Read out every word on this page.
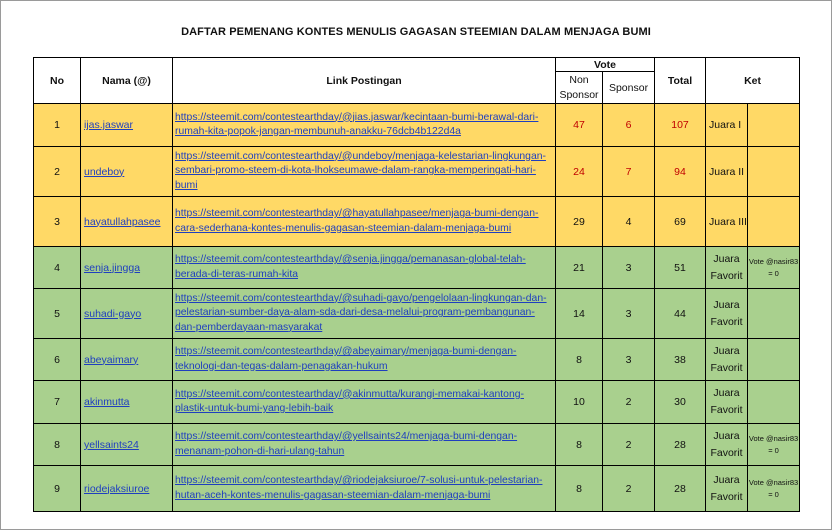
DAFTAR PEMENANG KONTES MENULIS GAGASAN STEEMIAN DALAM MENJAGA BUMI
No	Nama (@)	Link Postingan	Vote		Total	Ket	
			Non Sponsor	Sponsor			
1	ijas.jaswar	https://steemit.com/contestearthday/@jias.jaswar/kecintaan-bumi-berawal-dari-rumah-kita-popok-jangan-membunuh-anakku-76dcb4b122d4a	47	6	107	Juara I	
2	undeboy	https://steemit.com/contestearthday/@undeboy/menjaga-kelestarian-lingkungan-sembari-promo-steem-di-kota-lhokseumawe-dalam-rangka-memperingati-hari-bumi	24	7	94	Juara II	
3	hayatullahpasee	https://steemit.com/contestearthday/@hayatullahpasee/menjaga-bumi-dengan-cara-sederhana-kontes-menulis-gagasan-steemian-dalam-menjaga-bumi	29	4	69	Juara III	
4	senja.jingga	https://steemit.com/contestearthday/@senja.jingga/pemanasan-global-telah-berada-di-teras-rumah-kita	21	3	51	Juara Favorit	Vote @nasir83 = 0
5	suhadi-gayo	https://steemit.com/contestearthday/@suhadi-gayo/pengelolaan-lingkungan-dan-pelestarian-sumber-daya-alam-sda-dari-desa-melalui-program-pembangunan-dan-pemberdayaan-masyarakat	14	3	44	Juara Favorit	
6	abeyaimary	https://steemit.com/contestearthday/@abeyaimary/menjaga-bumi-dengan-teknologi-dan-tegas-dalam-penagakan-hukum	8	3	38	Juara Favorit	
7	akinmutta	https://steemit.com/contestearthday/@akinmutta/kurangi-memakai-kantong-plastik-untuk-bumi-yang-lebih-baik	10	2	30	Juara Favorit	
8	yellsaints24	https://steemit.com/contestearthday/@yellsaints24/menjaga-bumi-dengan-menanam-pohon-di-hari-ulang-tahun	8	2	28	Juara Favorit	Vote @nasir83 = 0
9	riodejaksiuroe	https://steemit.com/contestearthday/@riodejaksiuroe/7-solusi-untuk-pelestarian-hutan-aceh-kontes-menulis-gagasan-steemian-dalam-menjaga-bumi	8	2	28	Juara Favorit	Vote @nasir83 = 0
